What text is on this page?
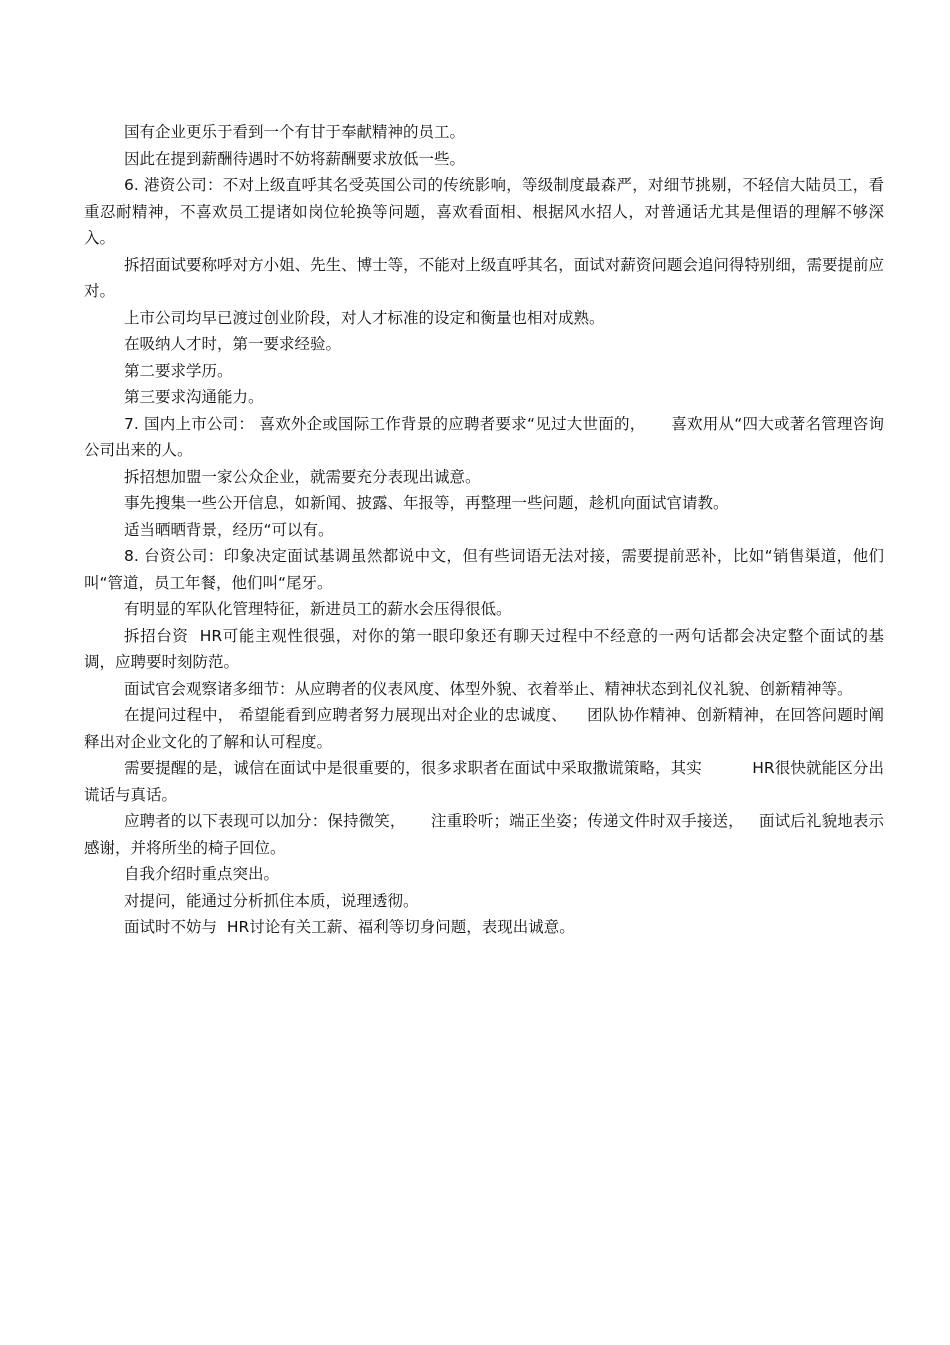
国有企业更乐于看到一个有甘于奉献精神的员工。

因此在提到薪酬待遇时不妨将薪酬要求放低一些。

6. 港资公司：不对上级直呼其名受英国公司的传统影响，等级制度最森严，对细节挑剔，不轻信大陆员工，看重忍耐精神，不喜欢员工提诸如岗位轮换等问题，喜欢看面相、根据风水招人，对普通话尤其是俚语的理解不够深入。

拆招面试要称呼对方小姐、先生、博士等，不能对上级直呼其名，面试对薪资问题会追问得特别细，需要提前应对。

上市公司均早已渡过创业阶段，对人才标准的设定和衡量也相对成熟。

在吸纳人才时，第一要求经验。

第二要求学历。

第三要求沟通能力。

7. 国内上市公司： 喜欢外企或国际工作背景的应聘者要求“见过大世面的，     喜欢用从“四大或著名管理咨询公司出来的人。

拆招想加盟一家公众企业，就需要充分表现出诚意。

事先搜集一些公开信息，如新闻、披露、年报等，再整理一些问题，趁机向面试官请教。

适当晒晒背景，经历“可以有。

8. 台资公司：印象决定面试基调虽然都说中文，但有些词语无法对接，需要提前恶补，比如“销售渠道，他们叫“管道，员工年餐，他们叫“尾牙。

有明显的军队化管理特征，新进员工的薪水会压得很低。

拆招台资  HR可能主观性很强，对你的第一眼印象还有聊天过程中不经意的一两句话都会决定整个面试的基调，应聘要时刻防范。

面试官会观察诸多细节：从应聘者的仪表风度、体型外貌、衣着举止、精神状态到礼仪礼貌、创新精神等。

在提问过程中， 希望能看到应聘者努力展现出对企业的忠诚度、    团队协作精神、创新精神，在回答问题时阐释出对企业文化的了解和认可程度。

需要提醒的是，诚信在面试中是很重要的，很多求职者在面试中采取撒谎策略，其实          HR很快就能区分出谎话与真话。

应聘者的以下表现可以加分：保持微笑，     注重聆听；端正坐姿；传递文件时双手接送，   面试后礼貌地表示感谢，并将所坐的椅子回位。

自我介绍时重点突出。

对提问，能通过分析抓住本质，说理透彻。

面试时不妨与  HR讨论有关工薪、福利等切身问题，表现出诚意。
